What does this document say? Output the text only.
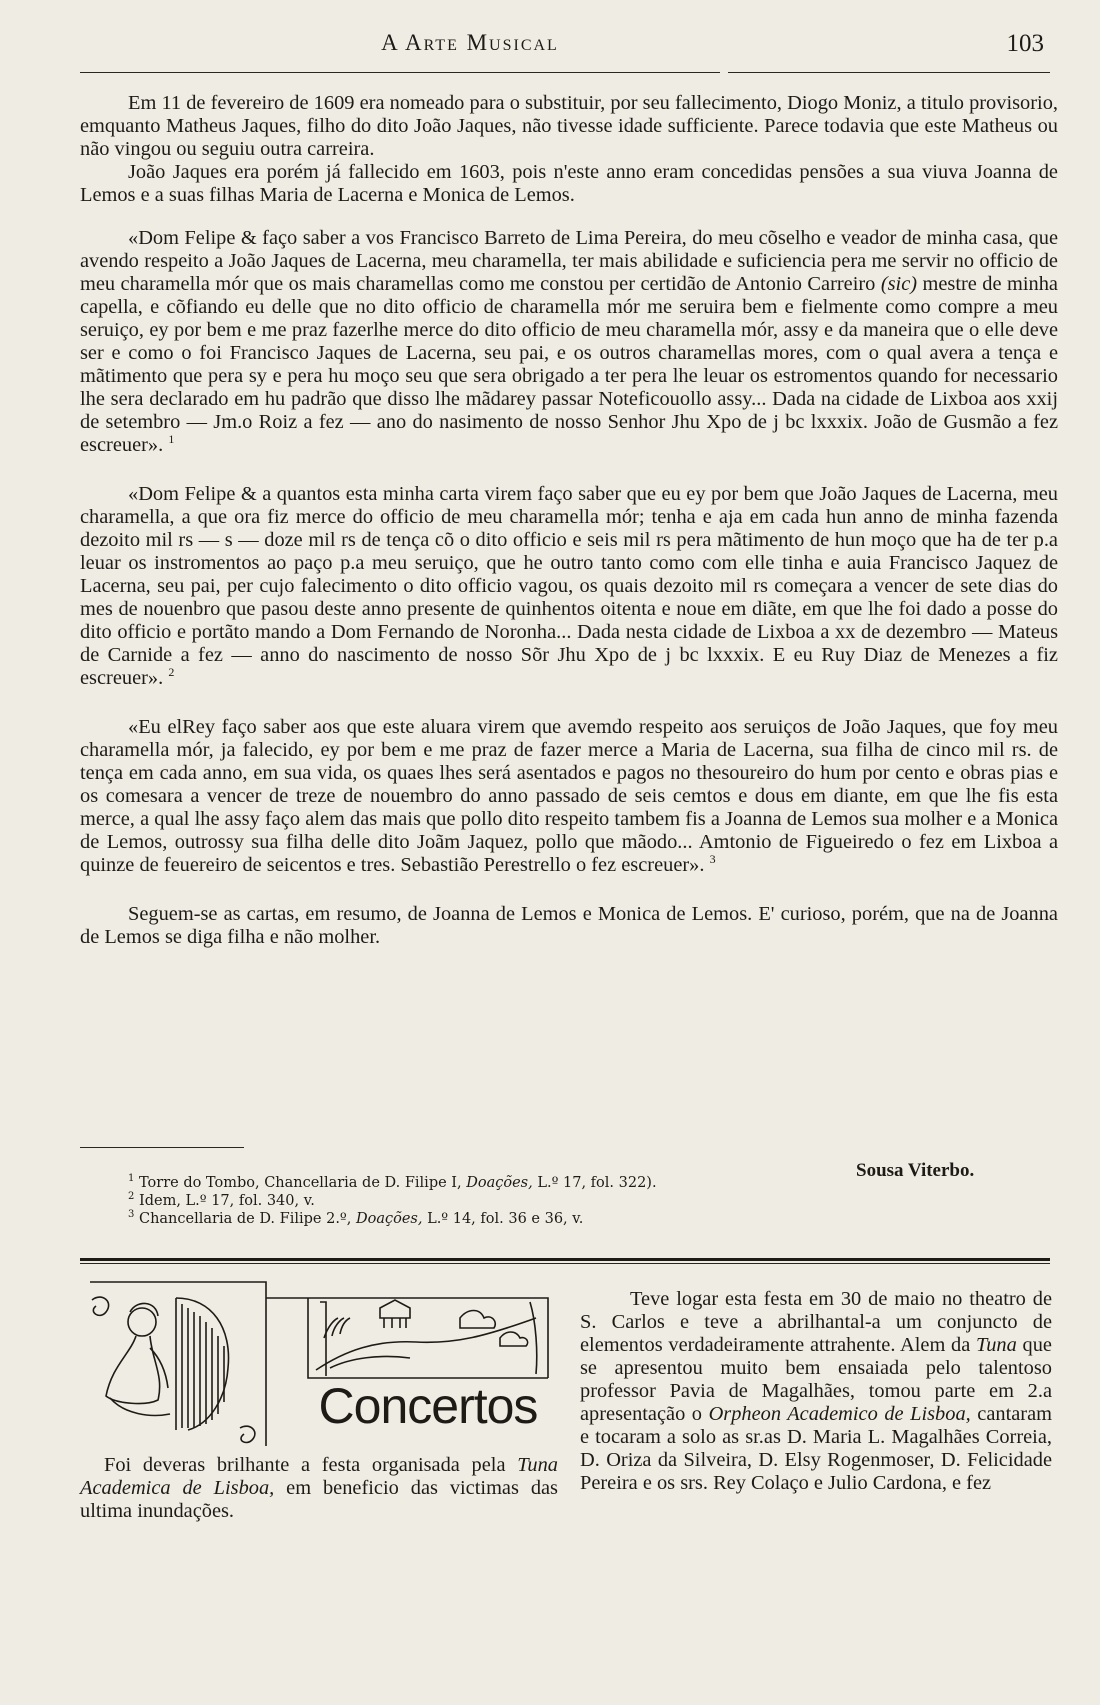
A Arte Musical	103

Em 11 de fevereiro de 1609 era nomeado para o substituir, por seu fallecimento, Diogo Moniz, a titulo provisorio, emquanto Matheus Jaques, filho do dito João Jaques, não tivesse idade sufficiente. Parece todavia que este Matheus ou não vingou ou seguiu outra carreira.

João Jaques era porém já fallecido em 1603, pois n'este anno eram concedidas pensões a sua viuva Joanna de Lemos e a suas filhas Maria de Lacerna e Monica de Lemos.

«Dom Felipe & faço saber a vos Francisco Barreto de Lima Pereira, do meu cõselho e veador de minha casa, que avendo respeito a João Jaques de Lacerna, meu charamella, ter mais abilidade e suficiencia pera me servir no officio de meu charamella mór que os mais charamellas como me constou per certidão de Antonio Carreiro (sic) mestre de minha capella, e cõfiando eu delle que no dito officio de charamella mór me seruira bem e fielmente como compre a meu seruiço, ey por bem e me praz fazerlhe merce do dito officio de meu charamella mór, assy e da maneira que o elle deve ser e como o foi Francisco Jaques de Lacerna, seu pai, e os outros charamellas mores, com o qual avera a tença e mãtimento que pera sy e pera hu moço seu que sera obrigado a ter pera lhe leuar os estromentos quando for necessario lhe sera declarado em hu padrão que disso lhe mãdarey passar Noteficouollo assy... Dada na cidade de Lixboa aos xxij de setembro — Jm.o Roiz a fez — ano do nasimento de nosso Senhor Jhu Xpo de j bc lxxxix. João de Gusmão a fez escreuer». $^1$

«Dom Felipe & a quantos esta minha carta virem faço saber que eu ey por bem que João Jaques de Lacerna, meu charamella, a que ora fiz merce do officio de meu charamella mór; tenha e aja em cada hun anno de minha fazenda dezoito mil rs — s — doze mil rs de tença cõ o dito officio e seis mil rs pera mãtimento de hun moço que ha de ter p.a leuar os instromentos ao paço p.a meu seruiço, que he outro tanto como com elle tinha e auia Francisco Jaquez de Lacerna, seu pai, per cujo falecimento o dito officio vagou, os quais dezoito mil rs começara a vencer de sete dias do mes de nouenbro que pasou deste anno presente de quinhentos oitenta e noue em diãte, em que lhe foi dado a posse do dito officio e portãto mando a Dom Fernando de Noronha... Dada nesta cidade de Lixboa a xx de dezembro — Mateus de Carnide a fez — anno do nascimento de nosso Sõr Jhu Xpo de j bc lxxxix. E eu Ruy Diaz de Menezes a fiz escreuer». $^2$

«Eu elRey faço saber aos que este aluara virem que avemdo respeito aos seruiços de João Jaques, que foy meu charamella mór, ja falecido, ey por bem e me praz de fazer merce a Maria de Lacerna, sua filha de cinco mil rs. de tença em cada anno, em sua vida, os quaes lhes será asentados e pagos no thesoureiro do hum por cento e obras pias e os comesara a vencer de treze de nouembro do anno passado de seis cemtos e dous em diante, em que lhe fis esta merce, a qual lhe assy faço alem das mais que pollo dito respeito tambem fis a Joanna de Lemos sua molher e a Monica de Lemos, outrossy sua filha delle dito Joãm Jaquez, pollo que mãodo... Amtonio de Figueiredo o fez em Lixboa a quinze de feuereiro de seicentos e tres. Sebastião Perestrello o fez escreuer». $^3$

Seguem-se as cartas, em resumo, de Joanna de Lemos e Monica de Lemos. E' curioso, porém, que na de Joanna de Lemos se diga filha e não molher.

Sousa Viterbo.
$^1$ Torre do Tombo, Chancellaria de D. Filipe I, Doações, L.º 17, fol. 322).
$^2$ Idem, L.º 17, fol. 340, v.
$^3$ Chancellaria de D. Filipe 2.º, Doações, L.º 14, fol. 36 e 36, v.
Concertos

Foi deveras brilhante a festa organisada pela Tuna Academica de Lisboa, em beneficio das victimas das ultima inundações.

Teve logar esta festa em 30 de maio no theatro de S. Carlos e teve a abrilhantal-a um conjuncto de elementos verdadeiramente attrahente. Alem da Tuna que se apresentou muito bem ensaiada pelo talentoso professor Pavia de Magalhães, tomou parte em 2.a apresentação o Orpheon Academico de Lisboa, cantaram e tocaram a solo as sr.as D. Maria L. Magalhães Correia, D. Oriza da Silveira, D. Elsy Rogenmoser, D. Felicidade Pereira e os srs. Rey Colaço e Julio Cardona, e fez
